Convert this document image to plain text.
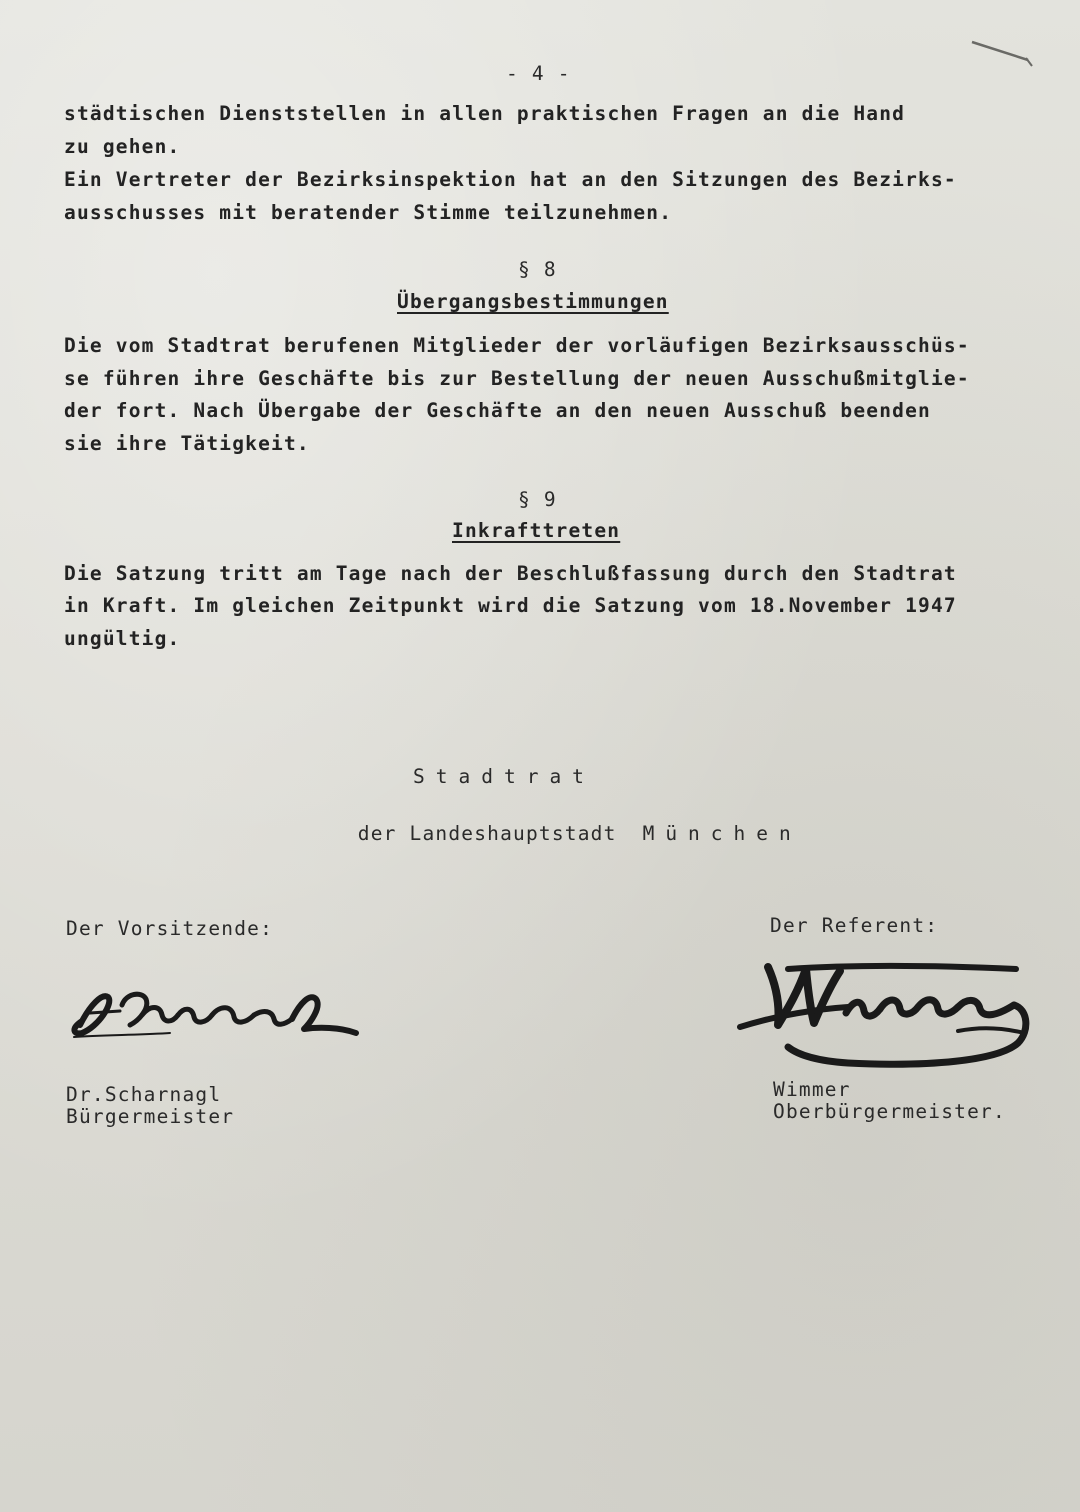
- 4 -
städtischen Dienststellen in allen praktischen Fragen an die Hand
zu gehen.
Ein Vertreter der Bezirksinspektion hat an den Sitzungen des Bezirks-
ausschusses mit beratender Stimme teilzunehmen.
§ 8
Übergangsbestimmungen
Die vom Stadtrat berufenen Mitglieder der vorläufigen Bezirksausschüs-
se führen ihre Geschäfte bis zur Bestellung der neuen Ausschußmitglie-
der fort. Nach Übergabe der Geschäfte an den neuen Ausschuß beenden
sie ihre Tätigkeit.
§ 9
Inkrafttreten
Die Satzung tritt am Tage nach der Beschlußfassung durch den Stadtrat
in Kraft. Im gleichen Zeitpunkt wird die Satzung vom 18.November 1947
ungültig.
Stadtrat

der Landeshauptstadt München

Der Vorsitzende:
Dr.Scharnagl
Bürgermeister
Der Referent:
Wimmer
Oberbürgermeister.
